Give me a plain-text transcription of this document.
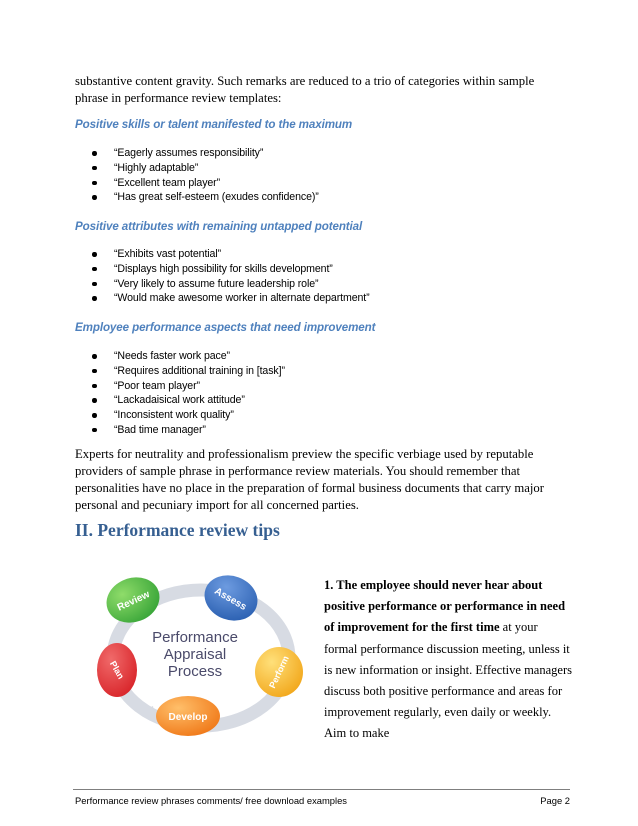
substantive content gravity. Such remarks are reduced to a trio of categories within sample phrase in performance review templates:

Positive skills or talent manifested to the maximum

“Eagerly assumes responsibility”
“Highly adaptable”
“Excellent team player”
“Has great self-esteem (exudes confidence)”

Positive attributes with remaining untapped potential

“Exhibits vast potential”
“Displays high possibility for skills development”
“Very likely to assume future leadership role”
“Would make awesome worker in alternate department”

Employee performance aspects that need improvement

“Needs faster work pace”
“Requires additional training in [task]”
“Poor team player”
“Lackadaisical work attitude”
“Inconsistent work quality”
“Bad time manager”

Experts for neutrality and professionalism preview the specific verbiage used by reputable providers of sample phrase in performance review materials. You should remember that personalities have no place in the preparation of formal business documents that carry major personal and pecuniary import for all concerned parties.

II. Performance review tips
Review	Assess
Perform
Develop
Plan
Performance
Appraisal
Process

1. The employee should never hear about positive performance or performance in need of improvement for the first time at your formal performance discussion meeting, unless it is new information or insight. Effective managers discuss both positive performance and areas for improvement regularly, even daily or weekly. Aim to make

Performance review phrases comments/ free download examples	Page 2
